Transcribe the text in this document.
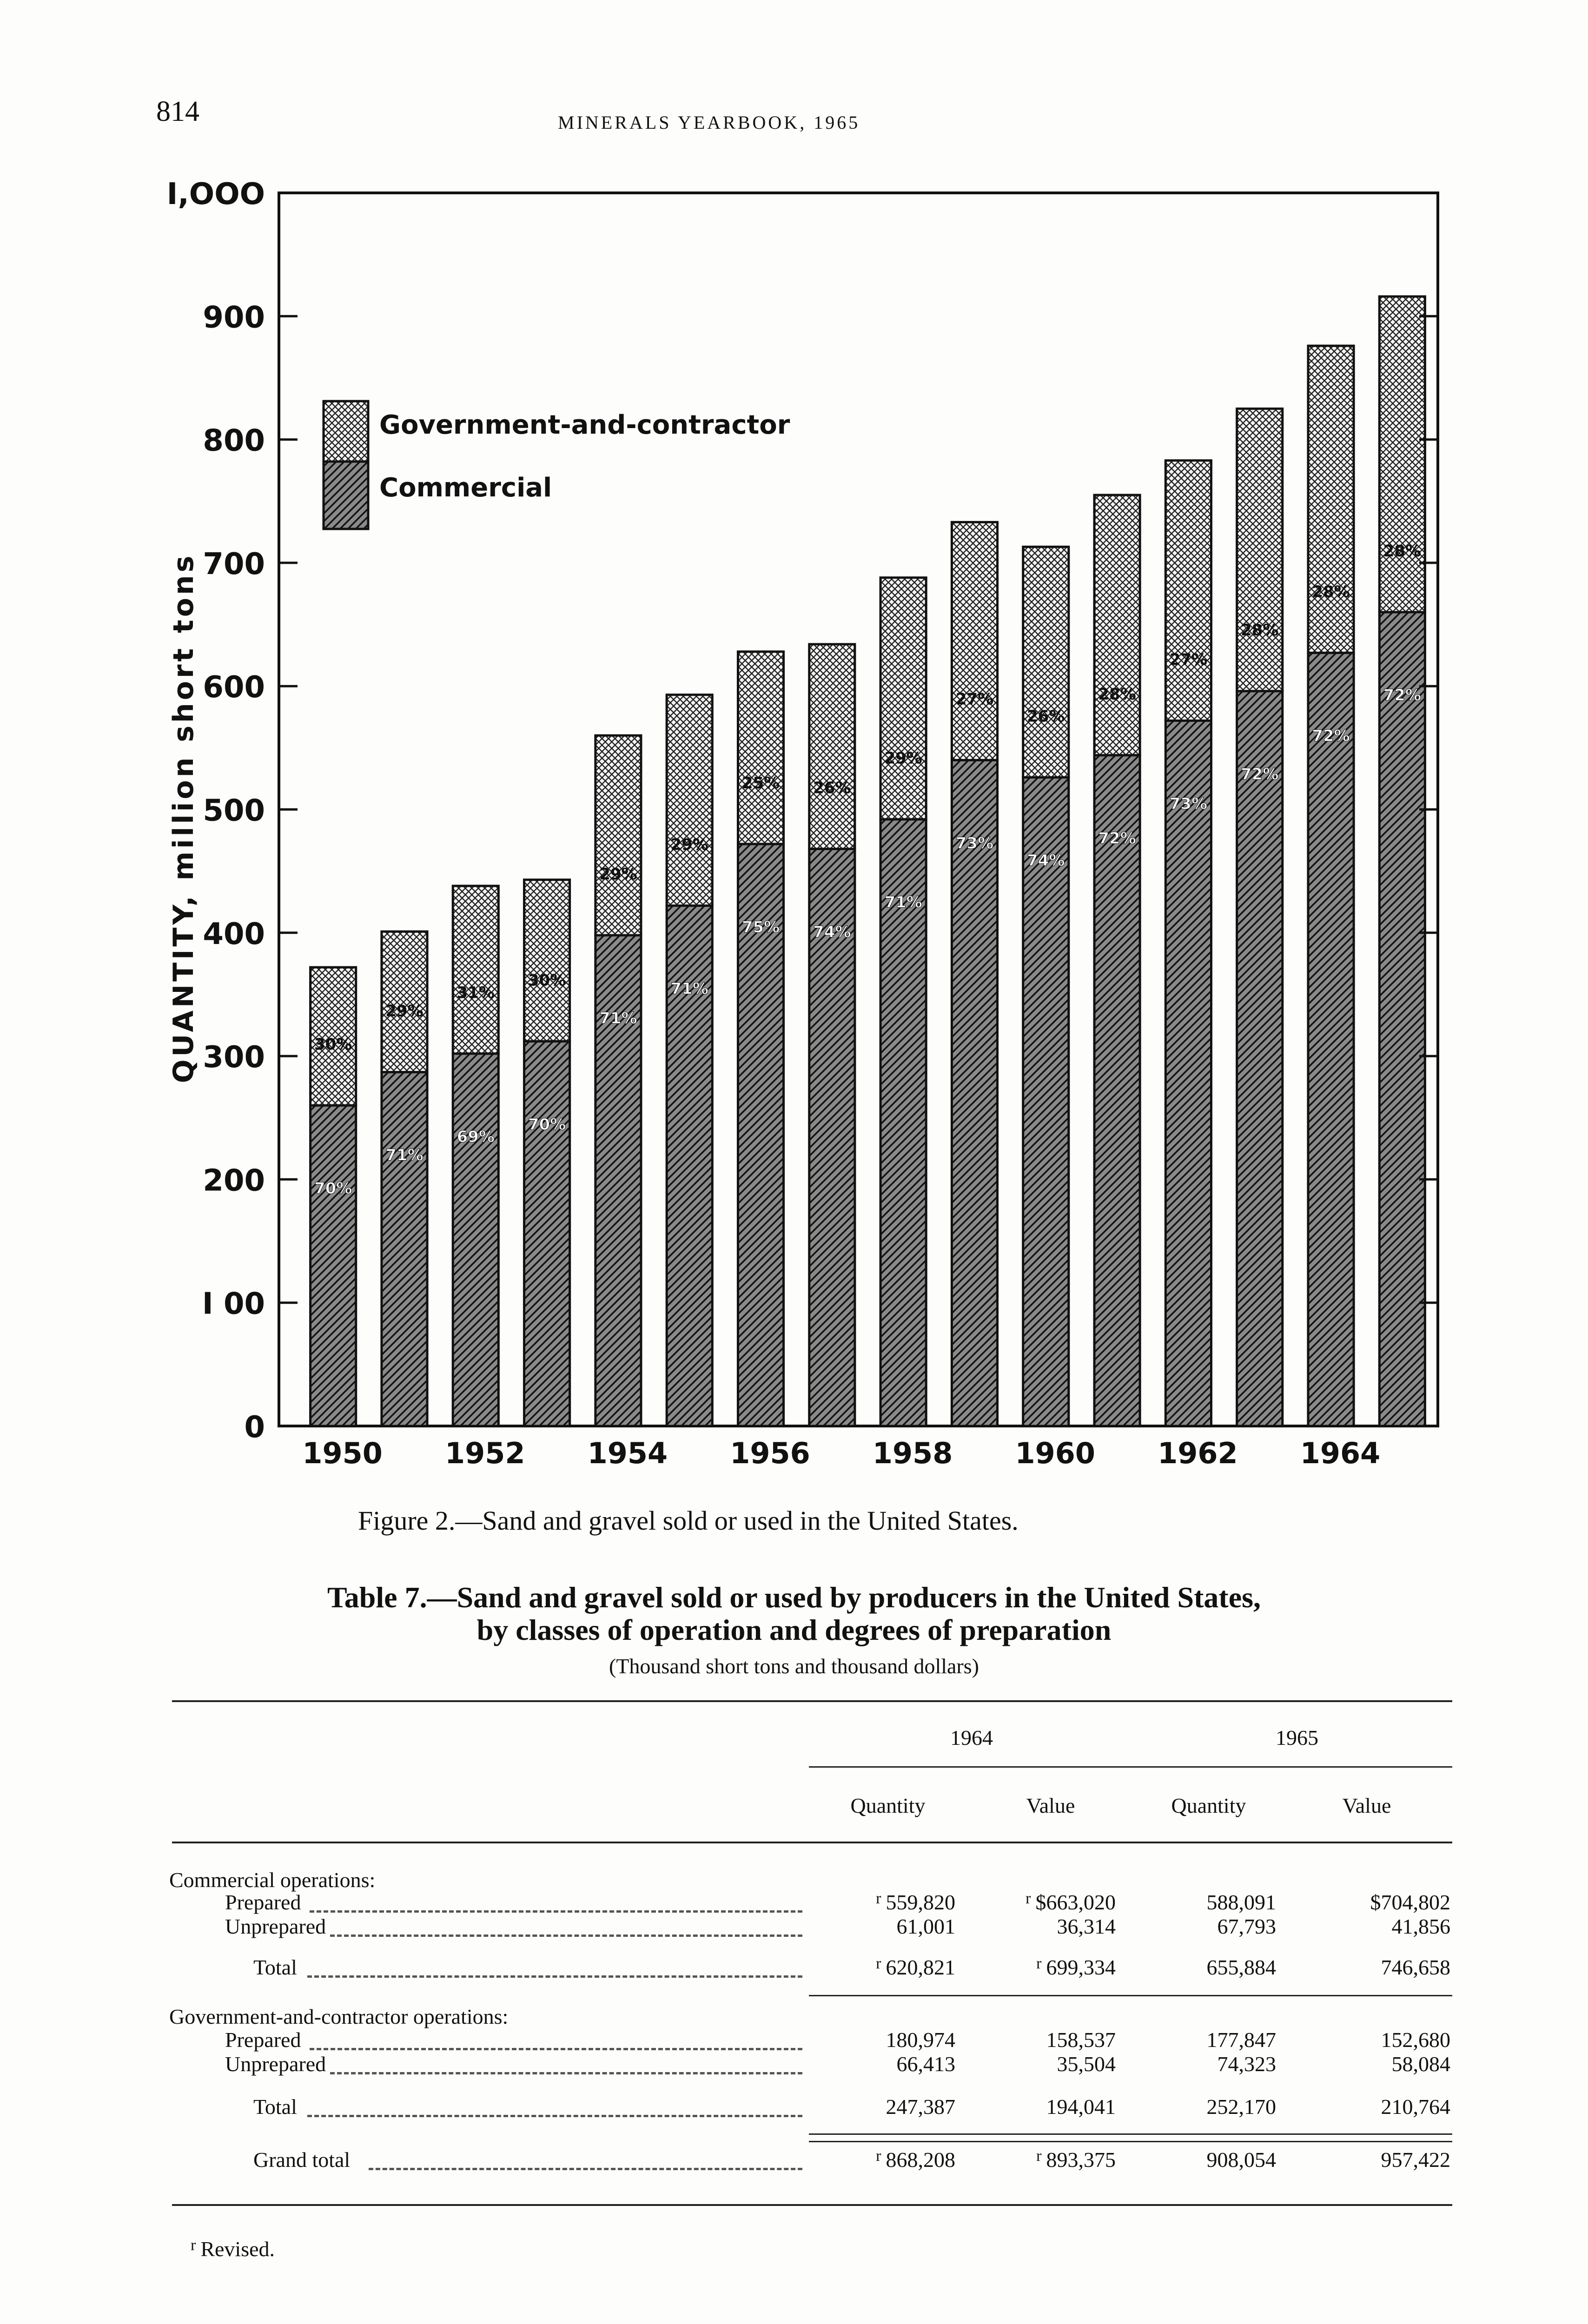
814	MINERALS YEARBOOK, 1965
70%
30%
71%
29%
69%
31%
70%
30%
71%
29%
71%
29%
75%
25%
74%
26%
71%
29%
73%
27%
74%
26%
72%
28%
73%
27%
72%
28%
72%
28%
72%
28%
0
I 00
200
300
400
500
600
700
800
900
I,OOO
QUANTITY, million short tons
1950 1952 1954 1956 1958 1960 1962 1964
Government-and-contractor
Commercial
Figure 2.—Sand and gravel sold or used in the United States.
Table 7.—Sand and gravel sold or used by producers in the United States,
by classes of operation and degrees of preparation
(Thousand short tons and thousand dollars)
1964	1965
Quantity	Value	Quantity	Value
Commercial operations:
Government-and-contractor operations:
Prepared	$^r$ 559,820	$^r$ $663,020	588,091	$704,802
Unprepared	61,001	36,314	67,793	41,856
Total	$^r$ 620,821	$^r$ 699,334	655,884	746,658
Prepared	180,974	158,537	177,847	152,680
Unprepared	66,413	35,504	74,323	58,084
Total	247,387	194,041	252,170	210,764
Grand total	$^r$ 868,208	$^r$ 893,375	908,054	957,422
$^r$ Revised.
